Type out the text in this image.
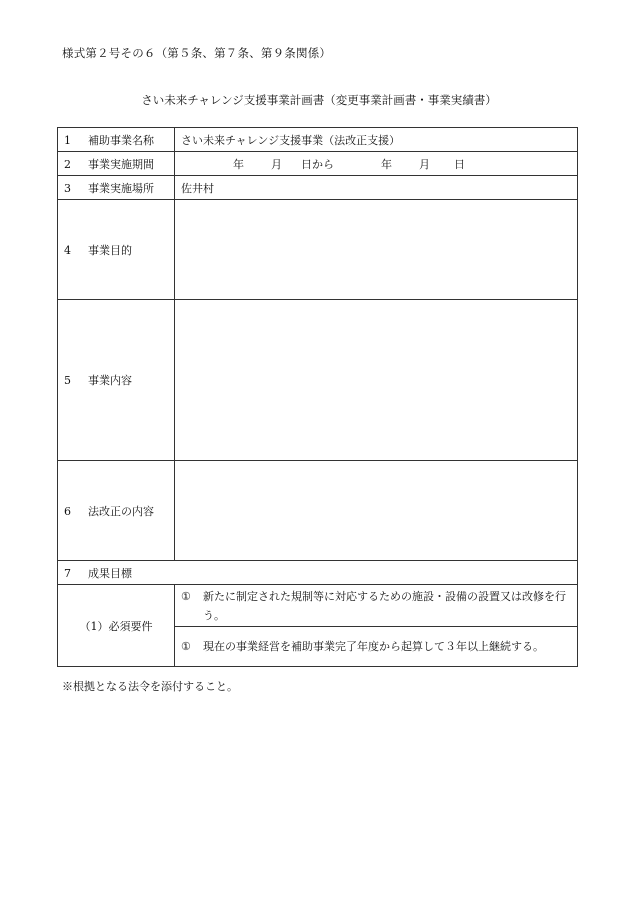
様式第２号その６（第５条、第７条、第９条関係）
さい未来チャレンジ支援事業計画書（変更事業計画書・事業実績書）
1 補助事業名称	さい未来チャレンジ支援事業（法改正支援）
2 事業実施期間	年 月 日から 年 月 日
3 事業実施場所	佐井村
4 事業目的	
5 事業内容	
6 法改正の内容	
7 成果目標	
（1）必須要件	① 新たに制定された規制等に対応するための施設・設備の設置又は改修を行う。

	① 現在の事業経営を補助事業完了年度から起算して３年以上継続する。
※根拠となる法令を添付すること。
